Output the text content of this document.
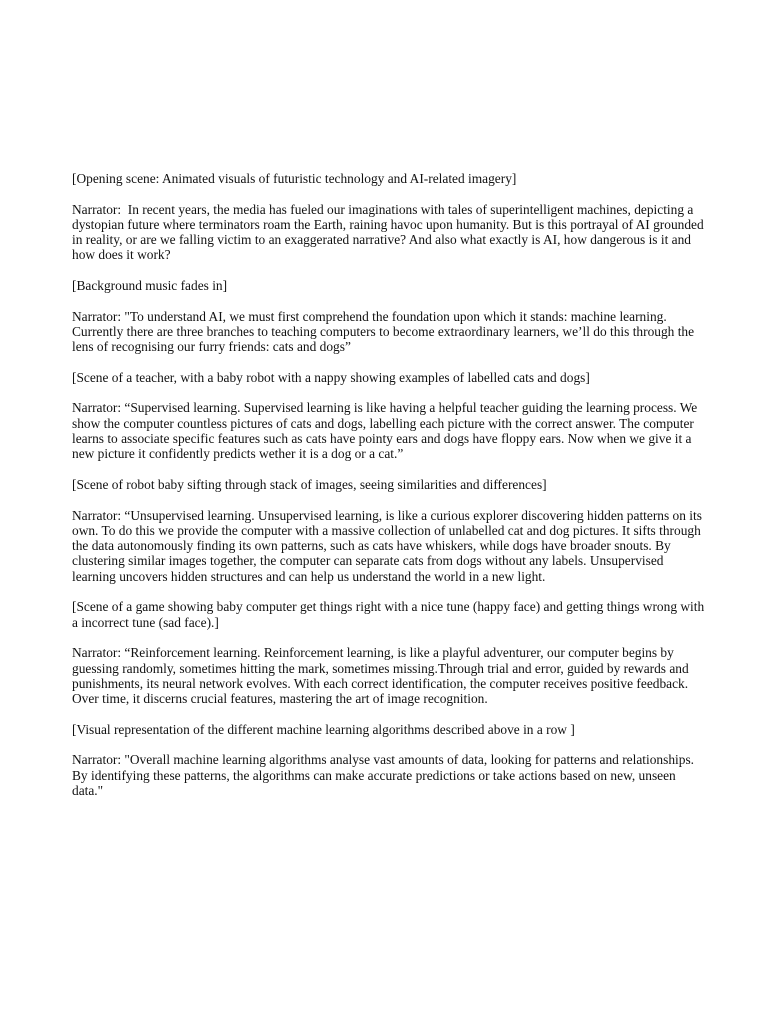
[Opening scene: Animated visuals of futuristic technology and AI-related imagery]

Narrator:  In recent years, the media has fueled our imaginations with tales of superintelligent machines, depicting a dystopian future where terminators roam the Earth, raining havoc upon humanity. But is this portrayal of AI grounded in reality, or are we falling victim to an exaggerated narrative? And also what exactly is AI, how dangerous is it and how does it work?

[Background music fades in]

Narrator: "To understand AI, we must first comprehend the foundation upon which it stands: machine learning. Currently there are three branches to teaching computers to become extraordinary learners, we’ll do this through the lens of recognising our furry friends: cats and dogs”

[Scene of a teacher, with a baby robot with a nappy showing examples of labelled cats and dogs]

Narrator: “Supervised learning. Supervised learning is like having a helpful teacher guiding the learning process. We show the computer countless pictures of cats and dogs, labelling each picture with the correct answer. The computer learns to associate specific features such as cats have pointy ears and dogs have floppy ears. Now when we give it a new picture it confidently predicts wether it is a dog or a cat.”

[Scene of robot baby sifting through stack of images, seeing similarities and differences]

Narrator: “Unsupervised learning. Unsupervised learning, is like a curious explorer discovering hidden patterns on its own. To do this we provide the computer with a massive collection of unlabelled cat and dog pictures. It sifts through the data autonomously finding its own patterns, such as cats have whiskers, while dogs have broader snouts. By clustering similar images together, the computer can separate cats from dogs without any labels. Unsupervised learning uncovers hidden structures and can help us understand the world in a new light.

[Scene of a game showing baby computer get things right with a nice tune (happy face) and getting things wrong with a incorrect tune (sad face).]

Narrator: “Reinforcement learning. Reinforcement learning, is like a playful adventurer, our computer begins by guessing randomly, sometimes hitting the mark, sometimes missing.Through trial and error, guided by rewards and punishments, its neural network evolves. With each correct identification, the computer receives positive feedback. Over time, it discerns crucial features, mastering the art of image recognition.

[Visual representation of the different machine learning algorithms described above in a row ]

Narrator: "Overall machine learning algorithms analyse vast amounts of data, looking for patterns and relationships. By identifying these patterns, the algorithms can make accurate predictions or take actions based on new, unseen data."
